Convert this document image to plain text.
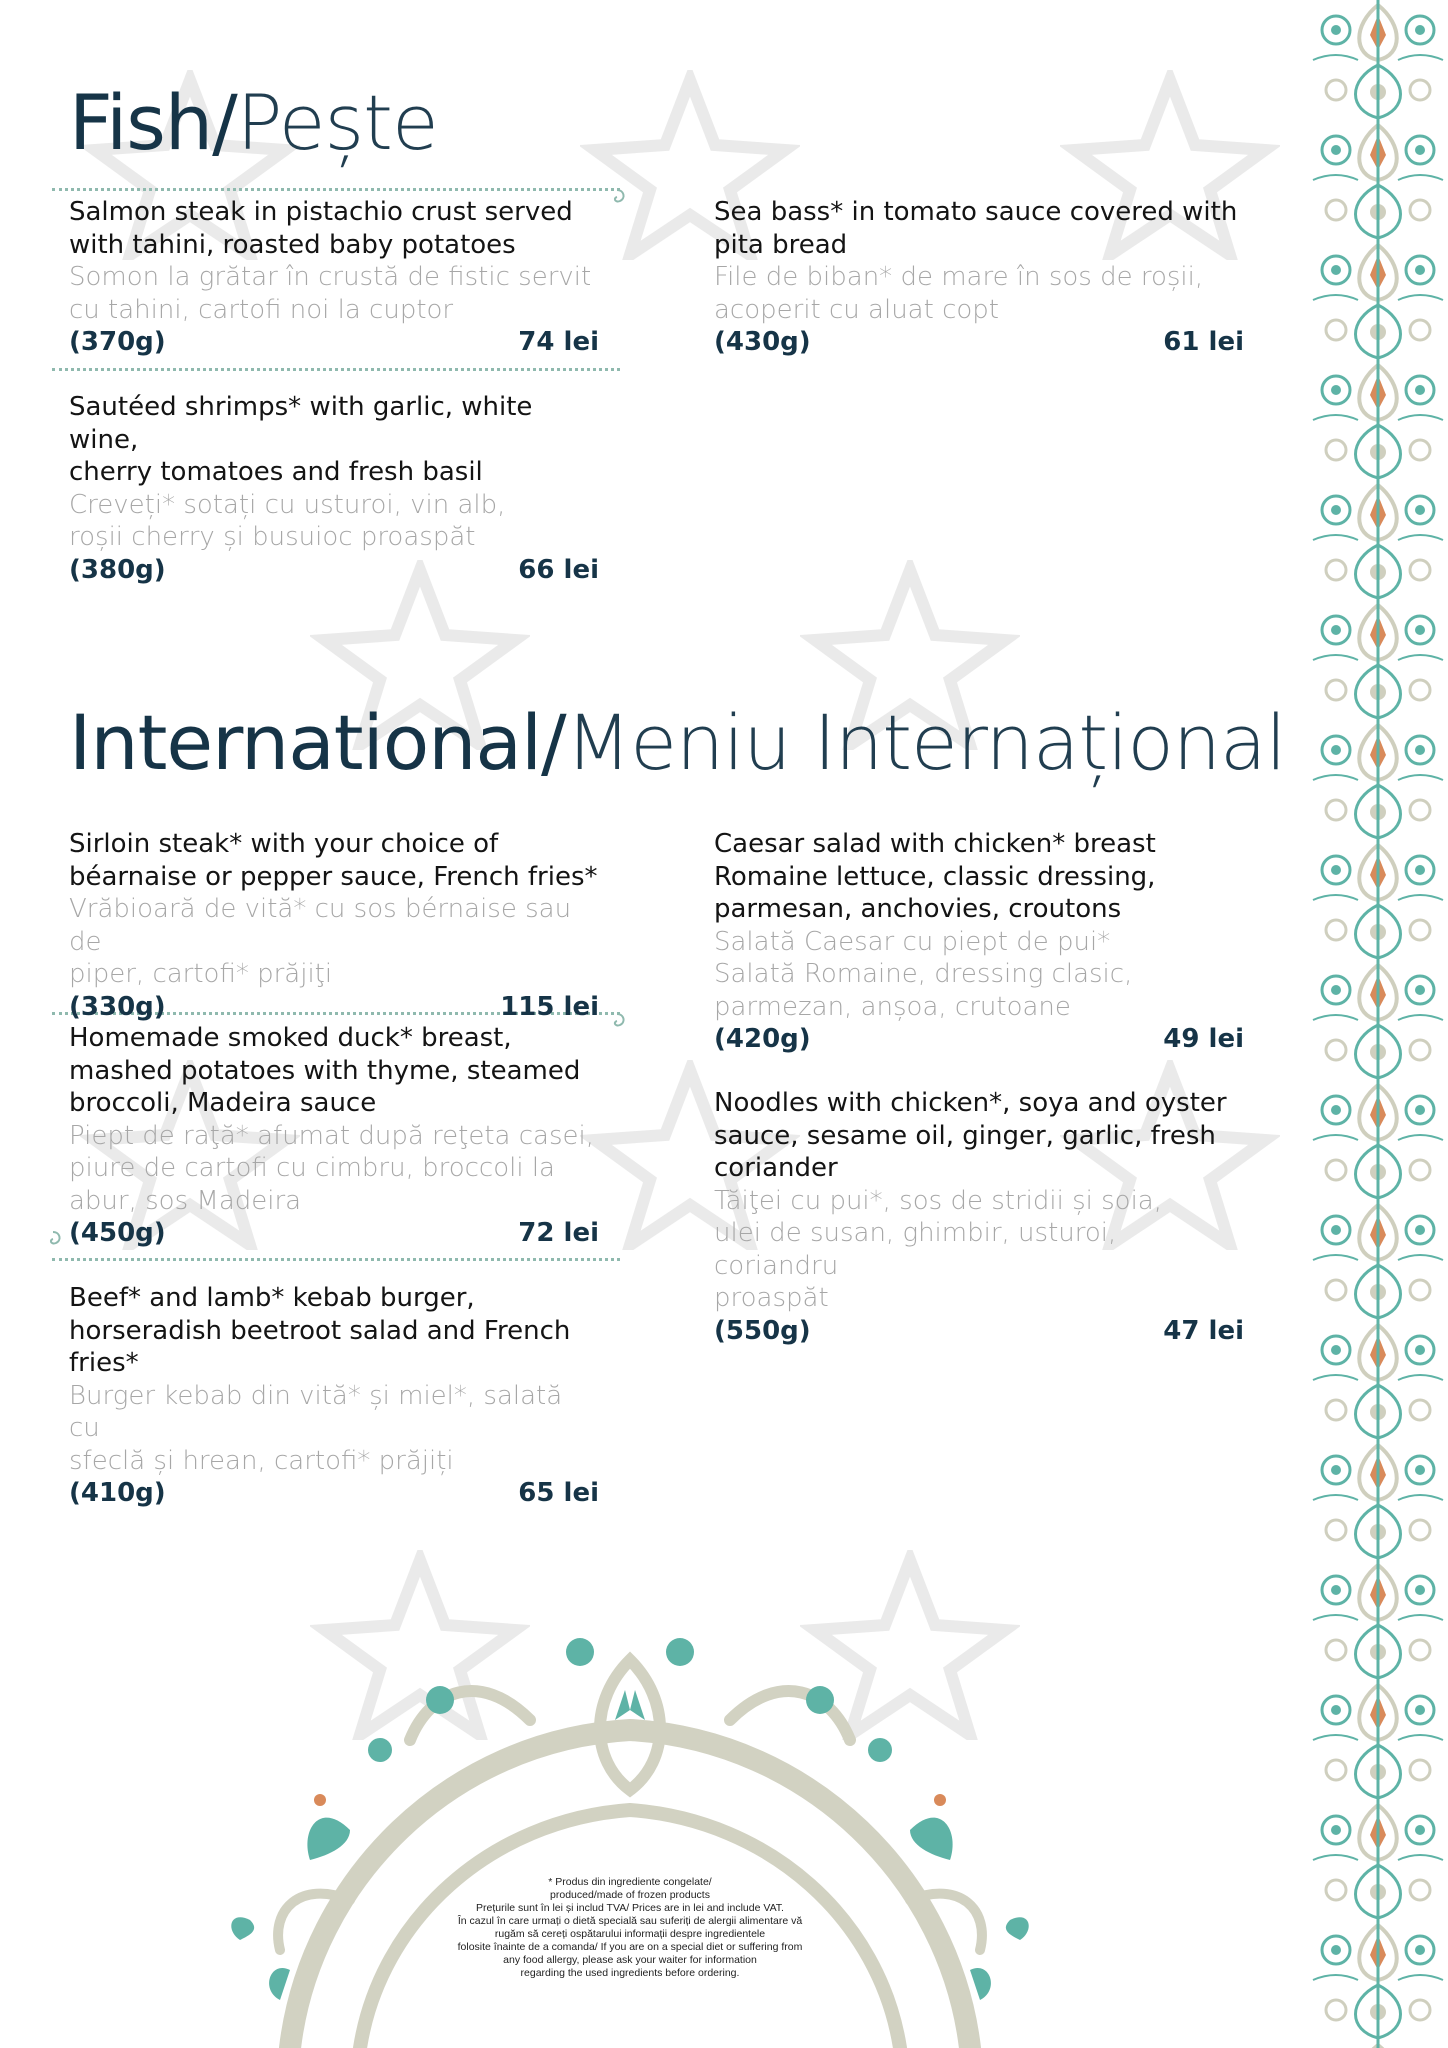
Fish/Pește
International/Meniu Internațional
Salmon steak in pistachio crust served
with tahini, roasted baby potatoes
Somon la grătar în crustă de fistic servit
cu tahini, cartofi noi la cuptor
(370g)	74 lei
Sea bass* in tomato sauce covered with
pita bread
File de biban* de mare în sos de roșii,
acoperit cu aluat copt
(430g)	61 lei
Sautéed shrimps* with garlic, white wine,
cherry tomatoes and fresh basil
Creveți* sotați cu usturoi, vin alb,
roșii cherry și busuioc proaspăt
(380g)	66 lei
Sirloin steak* with your choice of
béarnaise or pepper sauce, French fries*
Vrăbioară de vită* cu sos bérnaise sau de
piper, cartofi* prăjiţi
(330g)	115 lei
Caesar salad with chicken* breast
Romaine lettuce, classic dressing,
parmesan, anchovies, croutons
Salată Caesar cu piept de pui*
Salată Romaine, dressing clasic,
parmezan, anșoa, crutoane
(420g)	49 lei
Homemade smoked duck* breast,
mashed potatoes with thyme, steamed
broccoli, Madeira sauce
Piept de raţă* afumat după reţeta casei,
piure de cartofi cu cimbru, broccoli la
abur, sos Madeira
(450g)	72 lei
Noodles with chicken*, soya and oyster
sauce, sesame oil, ginger, garlic, fresh
coriander
Tăiţei cu pui*, sos de stridii și soia,
ulei de susan, ghimbir, usturoi, coriandru
proaspăt
(550g)	47 lei
Beef* and lamb* kebab burger,
horseradish beetroot salad and French
fries*
Burger kebab din vită* și miel*, salată cu
sfeclă și hrean, cartofi* prăjiți
(410g)	65 lei
* Produs din ingrediente congelate/
produced/made of frozen products
Prețurile sunt în lei și includ TVA/ Prices are in lei and include VAT.
În cazul în care urmați o dietă specială sau suferiți de alergii alimentare vă
rugăm să cereți ospătarului informații despre ingredientele
folosite înainte de a comanda/ If you are on a special diet or suffering from
any food allergy, please ask your waiter for information
regarding the used ingredients before ordering.
